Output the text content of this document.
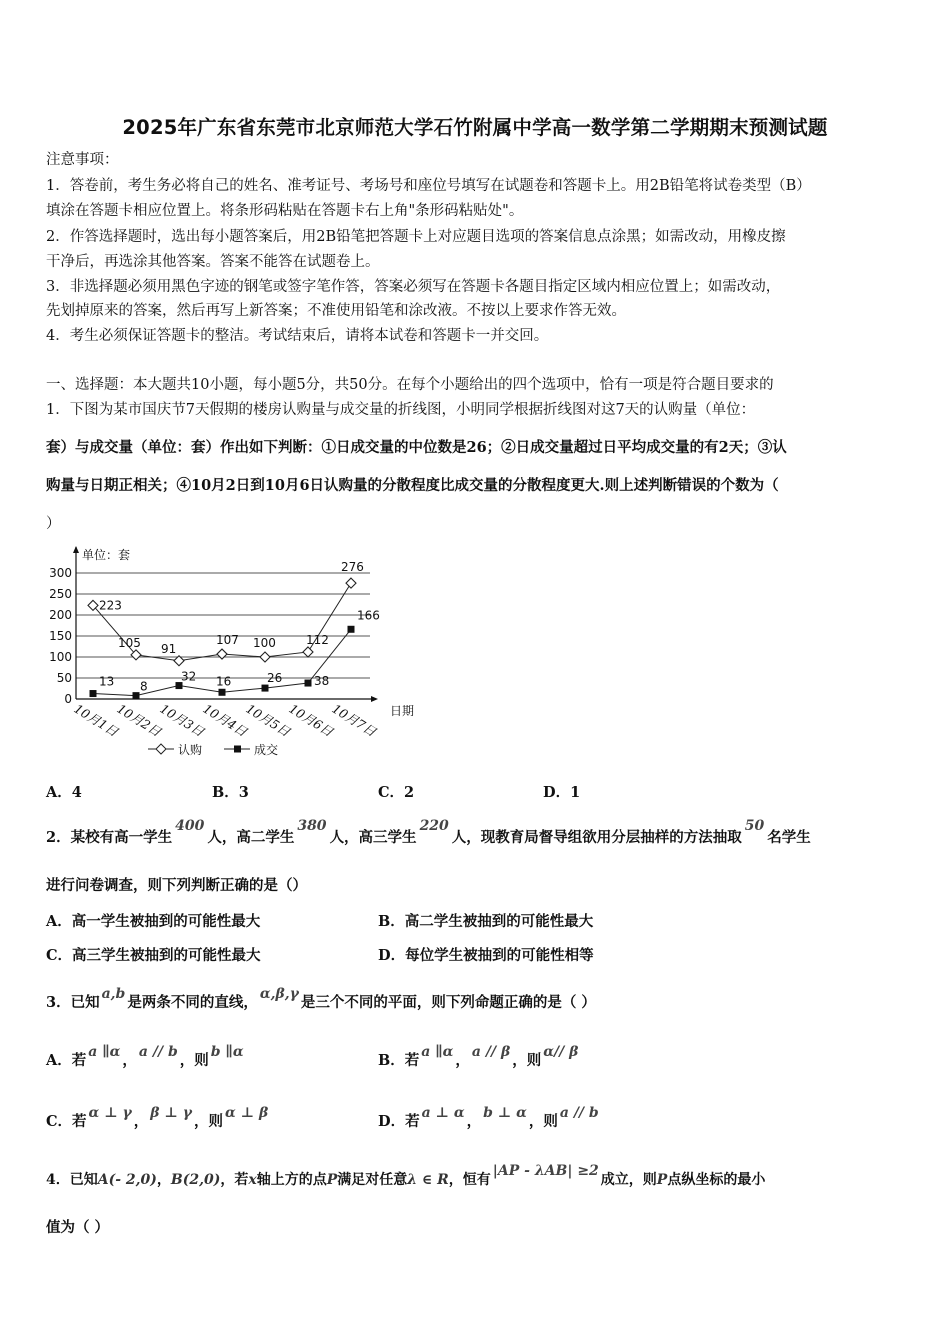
2025年广东省东莞市北京师范大学石竹附属中学高一数学第二学期期末预测试题
注意事项：
1．答卷前，考生务必将自己的姓名、准考证号、考场号和座位号填写在试题卷和答题卡上。用2B铅笔将试卷类型（B）
填涂在答题卡相应位置上。将条形码粘贴在答题卡右上角"条形码粘贴处"。
2．作答选择题时，选出每小题答案后，用2B铅笔把答题卡上对应题目选项的答案信息点涂黑；如需改动，用橡皮擦
干净后，再选涂其他答案。答案不能答在试题卷上。
3．非选择题必须用黑色字迹的钢笔或签字笔作答，答案必须写在答题卡各题目指定区域内相应位置上；如需改动，
先划掉原来的答案，然后再写上新答案；不准使用铅笔和涂改液。不按以上要求作答无效。
4．考生必须保证答题卡的整洁。考试结束后，请将本试卷和答题卡一并交回。
一、选择题：本大题共10小题，每小题5分，共50分。在每个小题给出的四个选项中，恰有一项是符合题目要求的
1．下图为某市国庆节7天假期的楼房认购量与成交量的折线图，小明同学根据折线图对这7天的认购量（单位：
套）与成交量（单位：套）作出如下判断：①日成交量的中位数是26；②日成交量超过日平均成交量的有2天；③认
购量与日期正相关；④10月2日到10月6日认购量的分散程度比成交量的分散程度更大.则上述判断错误的个数为（
）
单位：套
日期
0
50
100
150
200
250
300
10月1日
10月2日
10月3日
10月4日
10月5日
10月6日
10月7日
223
105 91
107 100	112
276
13 8
32 16	26	38
166
认购	成交
A．4	B．3	C．2	D．1
2．某校有高一学生400人，高二学生380人，高三学生220人，现教育局督导组欲用分层抽样的方法抽取50名学生
进行问卷调查，则下列判断正确的是（）
A．高一学生被抽到的可能性最大	B．高二学生被抽到的可能性最大
C．高三学生被抽到的可能性最大	D．每位学生被抽到的可能性相等
3．已知 a,b 是两条不同的直线， α,β,γ 是三个不同的平面，则下列命题正确的是（ ）
A．若 a ∥α ， a // b ，则 b ∥α	B．若 a ∥α ， a // β ，则 α// β
C．若 α ⊥ γ ， β ⊥ γ ，则 α ⊥ β	D．若 a ⊥ α ， b ⊥ α ，则 a // b
4．已知A(- 2,0)，B(2,0)，若x轴上方的点P满足对任意λ ∈ R，恒有|AP - λAB| ≥2成立，则P点纵坐标的最小
值为（ ）
